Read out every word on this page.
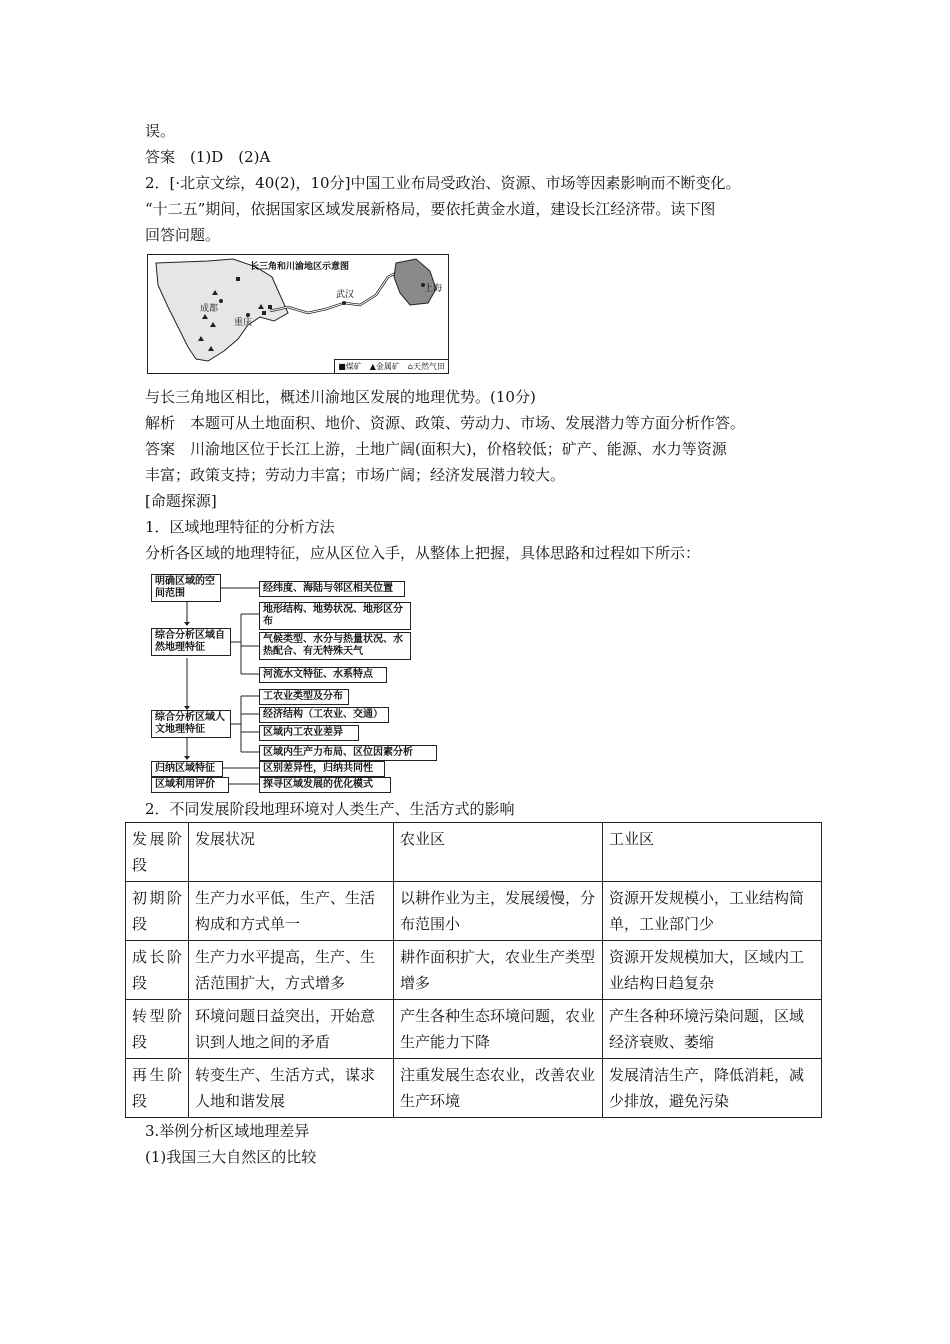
误。
答案　(1)D　(2)A
2．[·北京文综，40(2)，10分]中国工业布局受政治、资源、市场等因素影响而不断变化。
“十二五”期间，依据国家区域发展新格局，要依托黄金水道，建设长江经济带。读下图
回答问题。
长三角和川渝地区示意图
成都
重庆
武汉
上海
■煤矿　▲金属矿　⌂天然气田
与长三角地区相比，概述川渝地区发展的地理优势。(10分)
解析　本题可从土地面积、地价、资源、政策、劳动力、市场、发展潜力等方面分析作答。
答案　川渝地区位于长江上游，土地广阔(面积大)，价格较低；矿产、能源、水力等资源
丰富；政策支持；劳动力丰富；市场广阔；经济发展潜力较大。
[命题探源]
1．区域地理特征的分析方法
分析各区域的地理特征，应从区位入手，从整体上把握，具体思路和过程如下所示：
明确区域的空间范围
综合分析区域自然地理特征
综合分析区域人文地理特征
归纳区域特征
区域利用评价
经纬度、海陆与邻区相关位置
地形结构、地势状况、地形区分布
气候类型、水分与热量状况、水热配合、有无特殊天气
河流水文特征、水系特点
工农业类型及分布
经济结构（工农业、交通）
区域内工农业差异
区域内生产力布局、区位因素分析
区别差异性，归纳共同性
探寻区域发展的优化模式
2．不同发展阶段地理环境对人类生产、生活方式的影响
发展阶段	发展状况	农业区	工业区
初期阶段	生产力水平低，生产、生活构成和方式单一	以耕作业为主，发展缓慢，分布范围小	资源开发规模小，工业结构简单，工业部门少
成长阶段	生产力水平提高，生产、生活范围扩大，方式增多	耕作面积扩大，农业生产类型增多	资源开发规模加大，区域内工业结构日趋复杂
转型阶段	环境问题日益突出，开始意识到人地之间的矛盾	产生各种生态环境问题，农业生产能力下降	产生各种环境污染问题，区域经济衰败、萎缩
再生阶段	转变生产、生活方式，谋求人地和谐发展	注重发展生态农业，改善农业生产环境	发展清洁生产，降低消耗，减少排放，避免污染
3.举例分析区域地理差异
(1)我国三大自然区的比较
